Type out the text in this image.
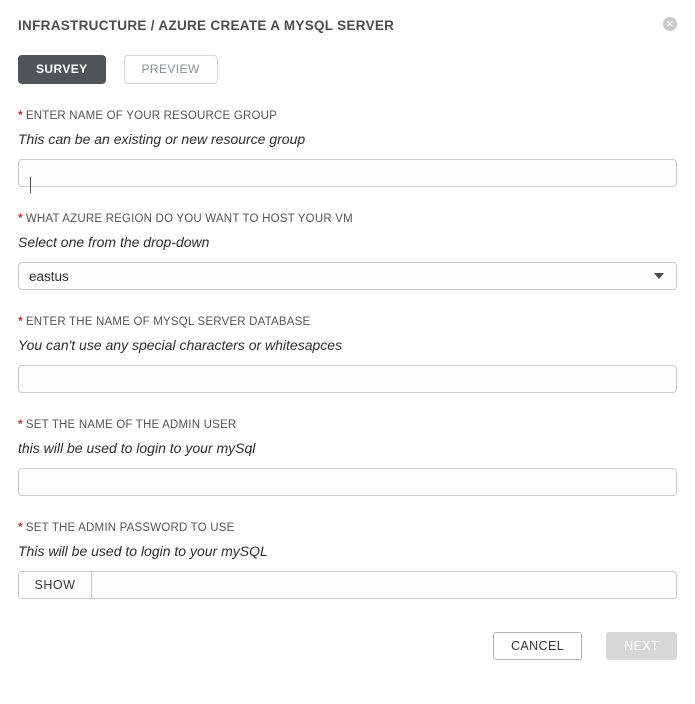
INFRASTRUCTURE / AZURE CREATE A MYSQL SERVER	✕
SURVEY	PREVIEW
* ENTER NAME OF YOUR RESOURCE GROUP
This can be an existing or new resource group
* WHAT AZURE REGION DO YOU WANT TO HOST YOUR VM
Select one from the drop-down
eastus
* ENTER THE NAME OF MYSQL SERVER DATABASE
You can't use any special characters or whitesapces
* SET THE NAME OF THE ADMIN USER
this will be used to login to your mySql
* SET THE ADMIN PASSWORD TO USE
This will be used to login to your mySQL
SHOW
CANCEL	NEXT
